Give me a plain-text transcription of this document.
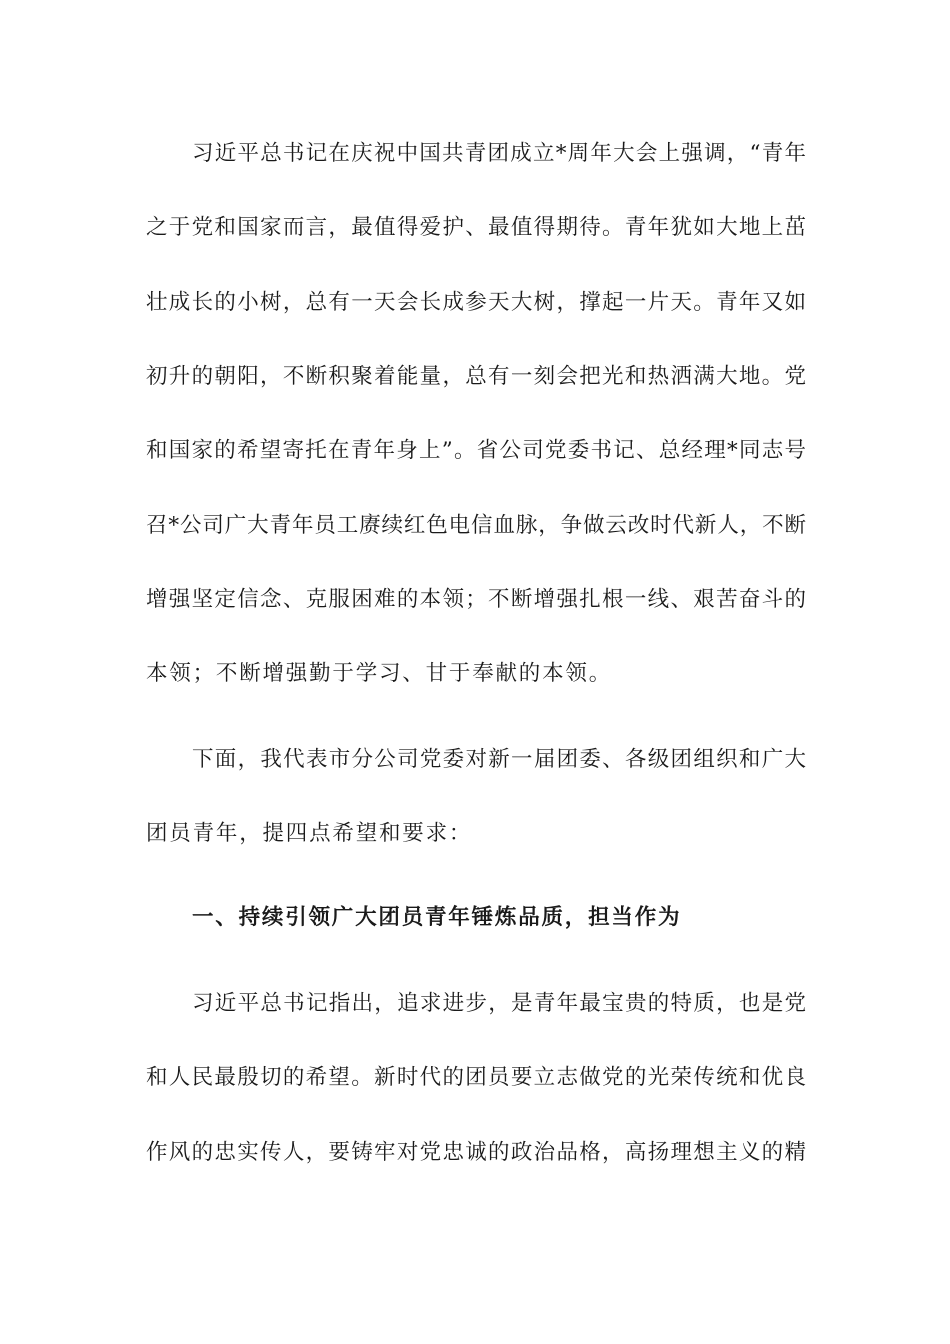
习近平总书记在庆祝中国共青团成立*周年大会上强调，“青年
之于党和国家而言，最值得爱护、最值得期待。青年犹如大地上茁
壮成长的小树，总有一天会长成参天大树，撑起一片天。青年又如
初升的朝阳，不断积聚着能量，总有一刻会把光和热洒满大地。党
和国家的希望寄托在青年身上”。省公司党委书记、总经理*同志号
召*公司广大青年员工赓续红色电信血脉，争做云改时代新人，不断
增强坚定信念、克服困难的本领；不断增强扎根一线、艰苦奋斗的
本领；不断增强勤于学习、甘于奉献的本领。
下面，我代表市分公司党委对新一届团委、各级团组织和广大
团员青年，提四点希望和要求：
一、持续引领广大团员青年锤炼品质，担当作为
习近平总书记指出，追求进步，是青年最宝贵的特质，也是党
和人民最殷切的希望。新时代的团员要立志做党的光荣传统和优良
作风的忠实传人，要铸牢对党忠诚的政治品格，高扬理想主义的精
